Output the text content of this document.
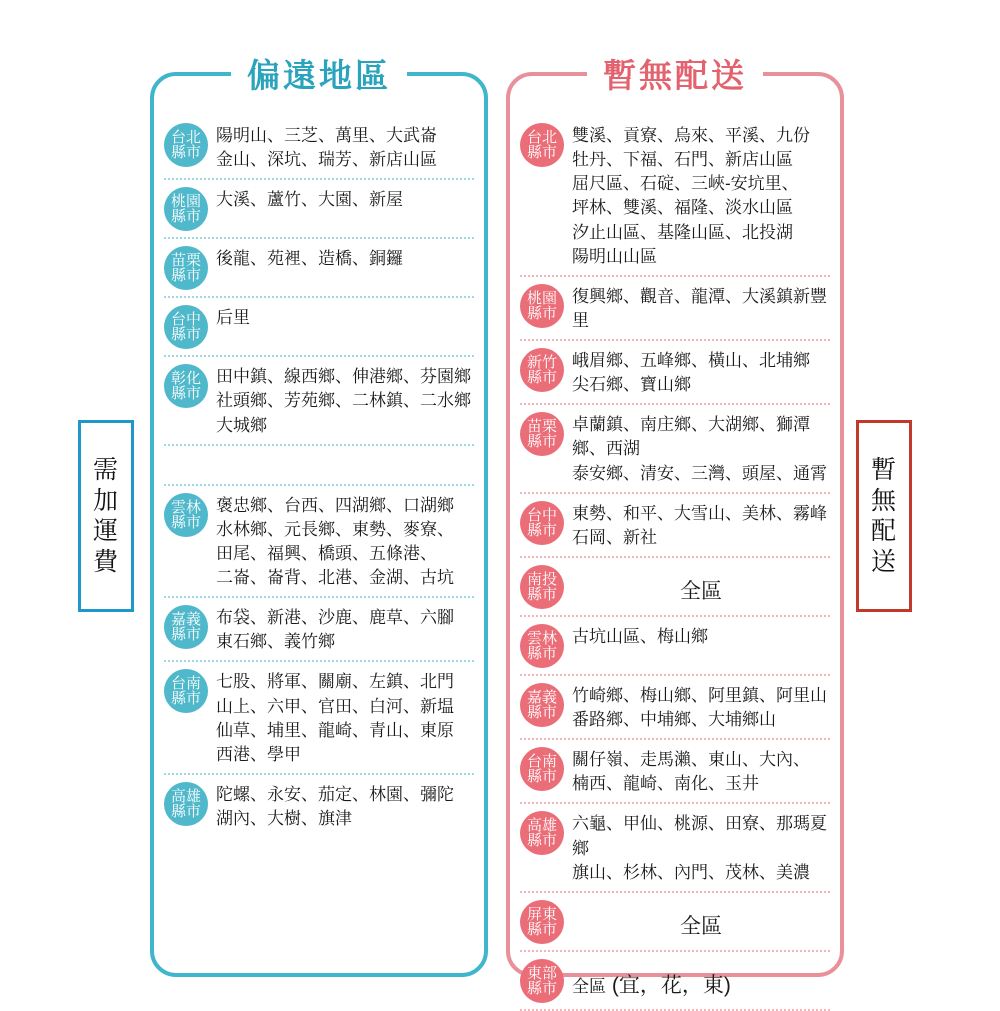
需
加
運
費
暫
無
配
送
偏遠地區
台北
縣市
陽明山、三芝、萬里、大武崙
金山、深坑、瑞芳、新店山區
桃園
縣市
大溪、蘆竹、大園、新屋
苗栗
縣市
後龍、苑裡、造橋、銅鑼
台中
縣市
后里
彰化
縣市
田中鎮、線西鄉、伸港鄉、芬園鄉
社頭鄉、芳苑鄉、二林鎮、二水鄉
大城鄉
雲林
縣市
褒忠鄉、台西、四湖鄉、口湖鄉
水林鄉、元長鄉、東勢、麥寮、
田尾、福興、橋頭、五條港、
二崙、崙背、北港、金湖、古坑
嘉義
縣市
布袋、新港、沙鹿、鹿草、六腳
東石鄉、義竹鄉
台南
縣市
七股、將軍、關廟、左鎮、北門
山上、六甲、官田、白河、新塭
仙草、埔里、龍崎、青山、東原
西港、學甲
高雄
縣市
陀螺、永安、茄定、林園、彌陀
湖內、大樹、旗津
暫無配送
台北
縣市
雙溪、貢寮、烏來、平溪、九份
牡丹、下福、石門、新店山區
屈尺區、石碇、三峽-安坑里、
坪林、雙溪、福隆、淡水山區
汐止山區、基隆山區、北投湖
陽明山山區
桃園
縣市
復興鄉、觀音、龍潭、大溪鎮新豐里
新竹
縣市
峨眉鄉、五峰鄉、橫山、北埔鄉
尖石鄉、寶山鄉
苗栗
縣市
卓蘭鎮、南庄鄉、大湖鄉、獅潭鄉、西湖
泰安鄉、清安、三灣、頭屋、通霄
台中
縣市
東勢、和平、大雪山、美林、霧峰
石岡、新社
南投
縣市	全區
雲林
縣市
古坑山區、梅山鄉
嘉義
縣市
竹崎鄉、梅山鄉、阿里鎮、阿里山
番路鄉、中埔鄉、大埔鄉山
台南
縣市
關仔嶺、走馬瀨、東山、大內、
楠西、龍崎、南化、玉井
高雄
縣市
六龜、甲仙、桃源、田寮、那瑪夏鄉
旗山、杉林、內門、茂林、美濃
屏東
縣市	全區
東部
縣市 全區 (宜，花，東)
